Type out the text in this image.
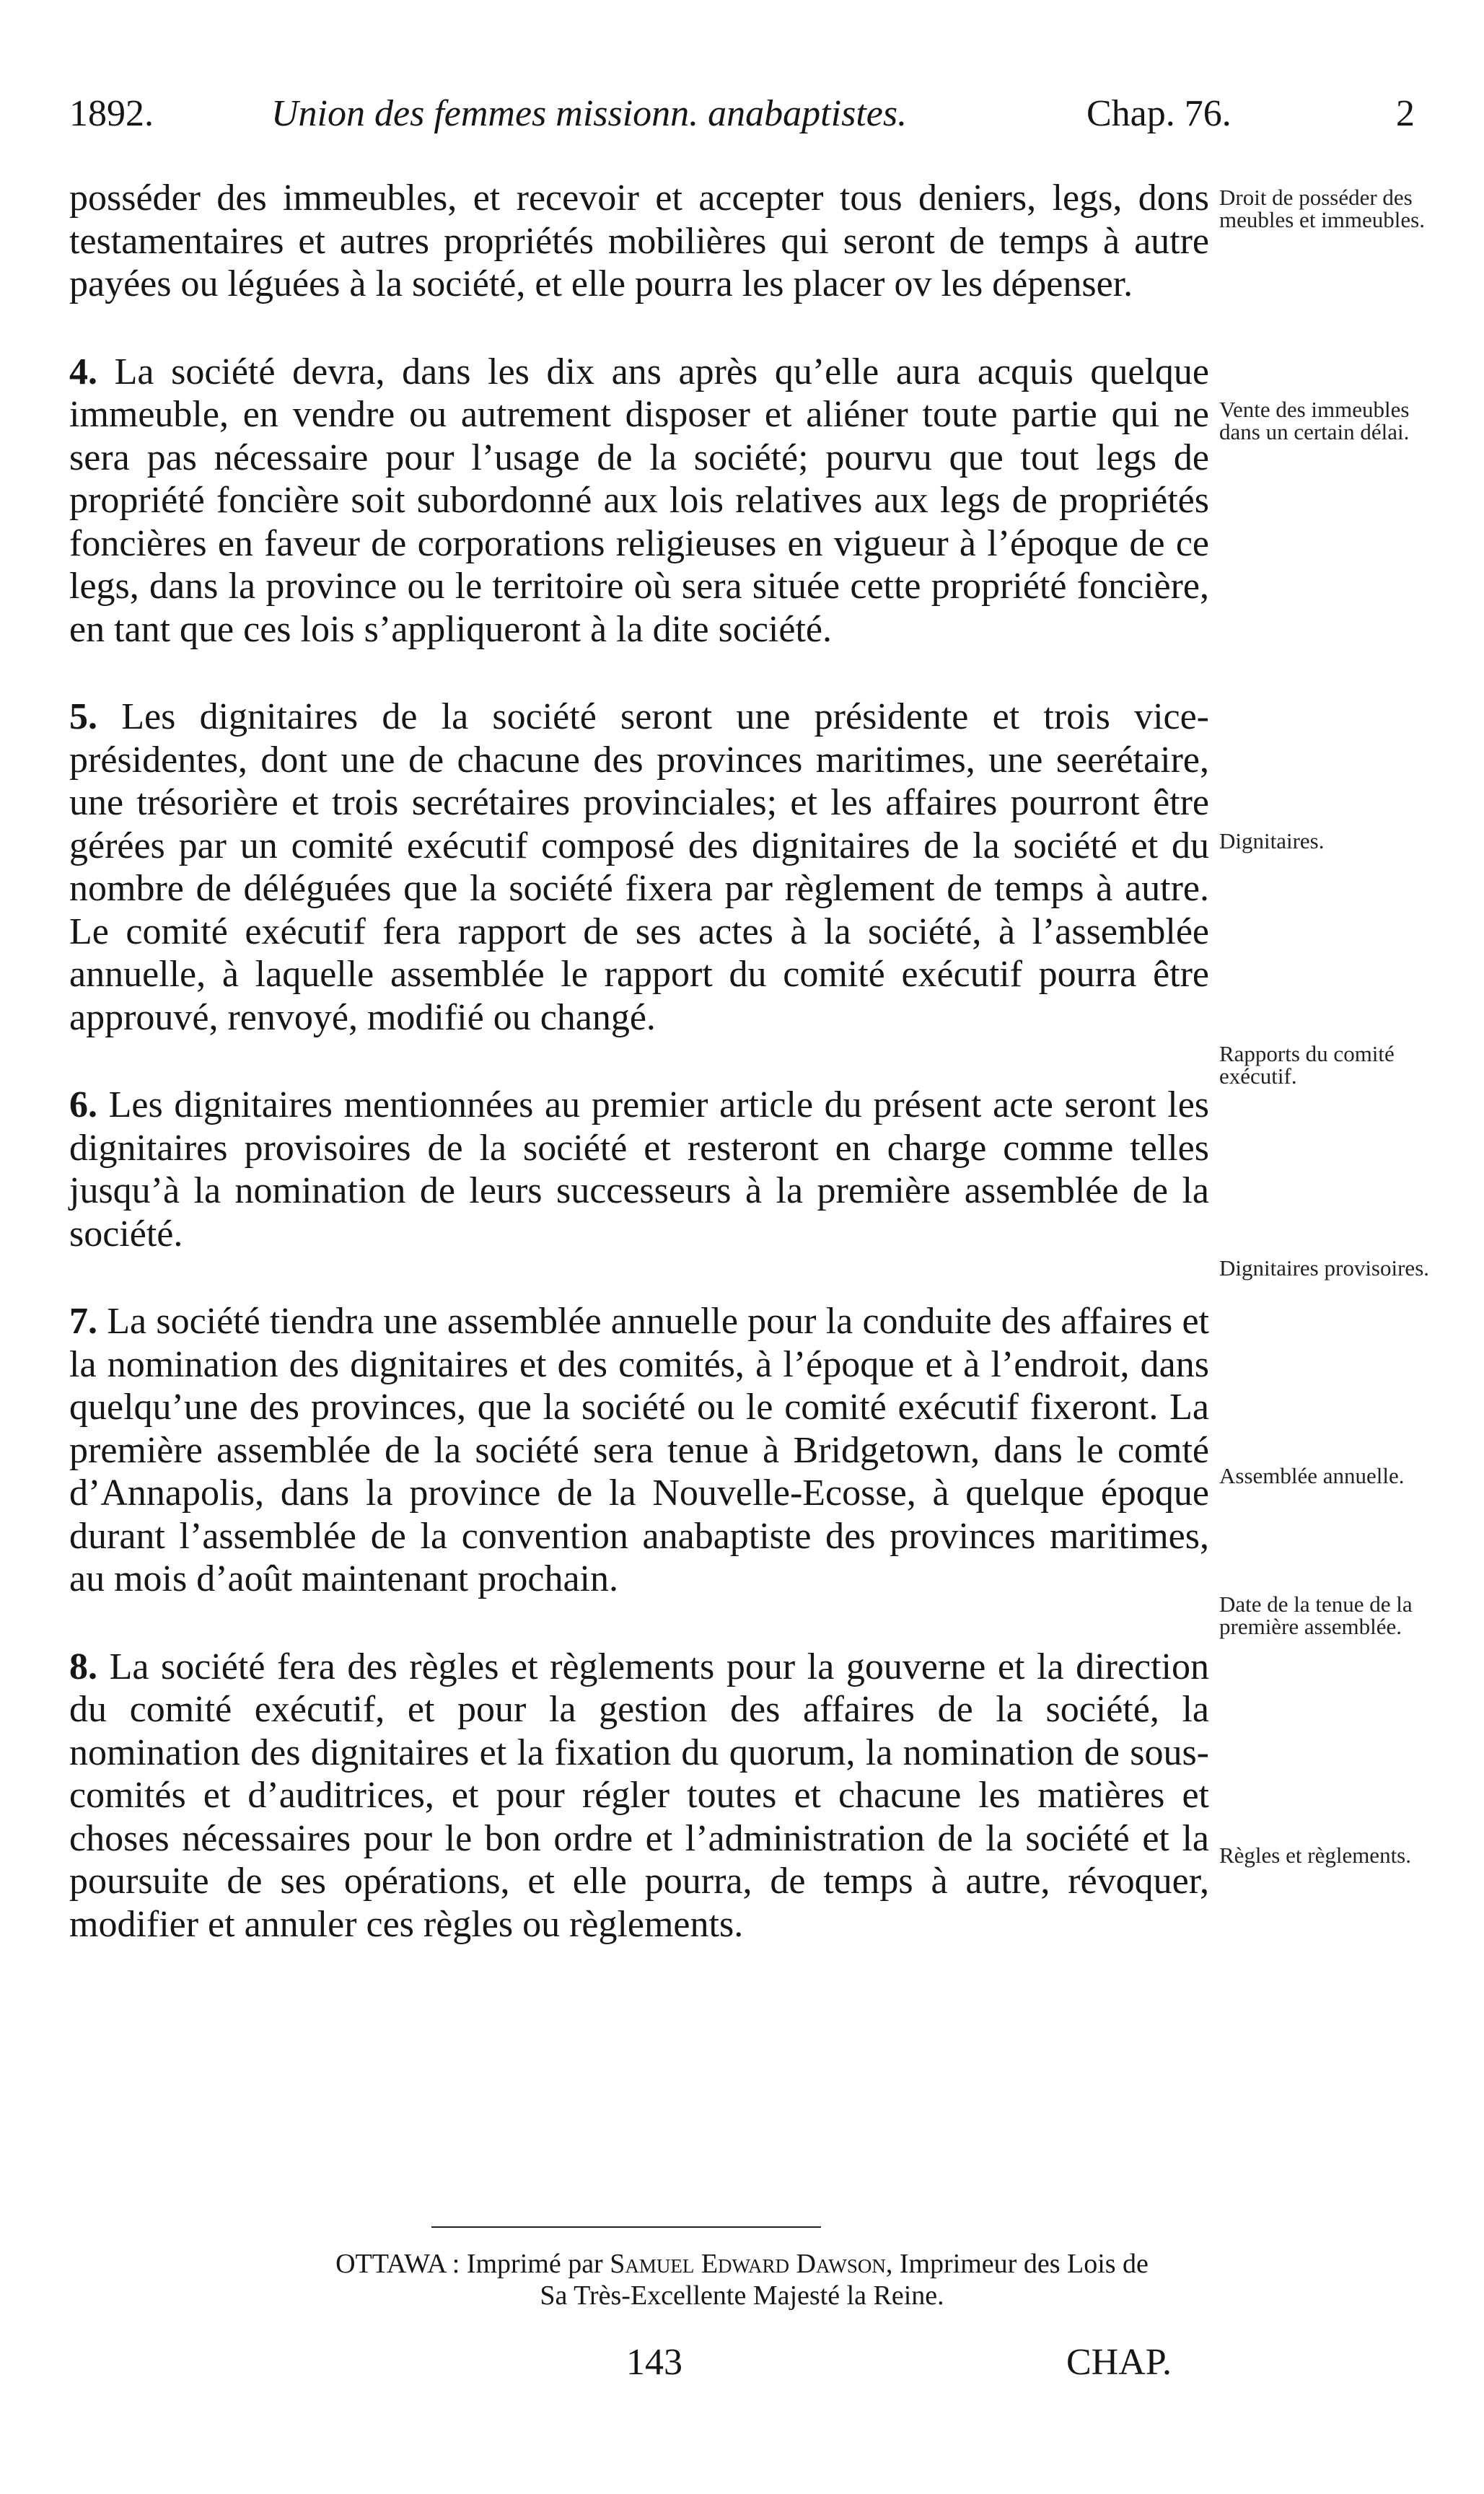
1892.	Union des femmes missionn. anabaptistes.	Chap. 76.	2

posséder des immeubles, et recevoir et accepter tous deniers, legs, dons testamentaires et autres propriétés mobilières qui seront de temps à autre payées ou léguées à la société, et elle pourra les placer ov les dépenser.

4. La société devra, dans les dix ans après qu’elle aura acquis quelque immeuble, en vendre ou autrement disposer et aliéner toute partie qui ne sera pas nécessaire pour l’usage de la société; pourvu que tout legs de propriété foncière soit subordonné aux lois relatives aux legs de propriétés foncières en faveur de corporations religieuses en vigueur à l’époque de ce legs, dans la province ou le territoire où sera située cette propriété foncière, en tant que ces lois s’appliqueront à la dite société.

5. Les dignitaires de la société seront une présidente et trois vice-présidentes, dont une de chacune des provinces maritimes, une seerétaire, une trésorière et trois secrétaires provinciales; et les affaires pourront être gérées par un comité exécutif composé des dignitaires de la société et du nombre de déléguées que la société fixera par règlement de temps à autre. Le comité exécutif fera rapport de ses actes à la société, à l’assemblée annuelle, à laquelle assemblée le rapport du comité exécutif pourra être approuvé, renvoyé, modifié ou changé.

6. Les dignitaires mentionnées au premier article du présent acte seront les dignitaires provisoires de la société et resteront en charge comme telles jusqu’à la nomination de leurs successeurs à la première assemblée de la société.

7. La société tiendra une assemblée annuelle pour la conduite des affaires et la nomination des dignitaires et des comités, à l’époque et à l’endroit, dans quelqu’une des provinces, que la société ou le comité exécutif fixeront. La première assemblée de la société sera tenue à Bridgetown, dans le comté d’Annapolis, dans la province de la Nouvelle-Ecosse, à quelque époque durant l’assemblée de la convention anabaptiste des provinces maritimes, au mois d’août maintenant prochain.

8. La société fera des règles et règlements pour la gouverne et la direction du comité exécutif, et pour la gestion des affaires de la société, la nomination des dignitaires et la fixation du quorum, la nomination de sous-comités et d’auditrices, et pour régler toutes et chacune les matières et choses nécessaires pour le bon ordre et l’administration de la société et la poursuite de ses opérations, et elle pourra, de temps à autre, révoquer, modifier et annuler ces règles ou règlements.

Droit de posséder des meubles et immeubles.
Vente des immeubles dans un certain délai.
Dignitaires.
Rapports du comité exécutif.
Dignitaires provisoires.
Assemblée annuelle.
Date de la tenue de la première assemblée.
Règles et règlements.
OTTAWA : Imprimé par Samuel Edward Dawson, Imprimeur des Lois de
Sa Très-Excellente Majesté la Reine.
143	CHAP.
